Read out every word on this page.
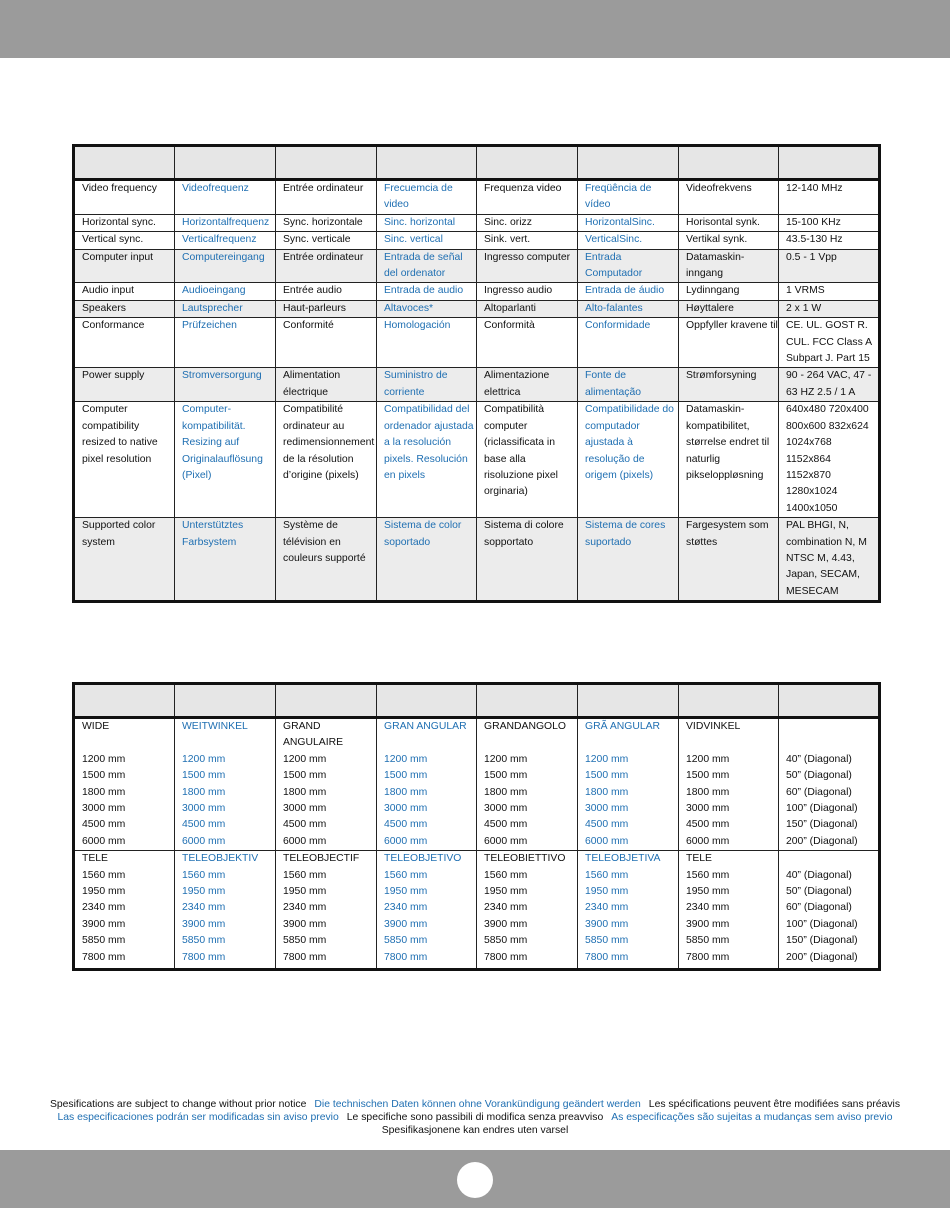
Video frequency	Videofrequenz	Entrée ordinateur	Frecuemcia de video	Frequenza video	Freqüência de vídeo	Videofrekvens	12-140 MHz
Horizontal sync.	Horizontalfrequenz	Sync. horizontale	Sinc. horizontal	Sinc. orizz	HorizontalSinc.	Horisontal synk.	15-100 KHz
Vertical sync.	Verticalfrequenz	Sync. verticale	Sinc. vertical	Sink. vert.	VerticalSinc.	Vertikal synk.	43.5-130 Hz
Computer input	Computereingang	Entrée ordinateur	Entrada de señal del ordenator	Ingresso computer	Entrada Computador	Datamaskin-inngang	0.5 - 1 Vpp
Audio input	Audioeingang	Entrée audio	Entrada de audio	Ingresso audio	Entrada de áudio	Lydinngang	1 VRMS
Speakers	Lautsprecher	Haut-parleurs	Altavoces*	Altoparlanti	Alto-falantes	Høyttalere	2 x 1 W
Conformance	Prüfzeichen	Conformité	Homologación	Conformità	Conformidade	Oppfyller kravene til	CE. UL. GOST R. CUL. FCC Class A Subpart J. Part 15
Power supply	Stromversorgung	Alimentation électrique	Suministro de corriente	Alimentazione elettrica	Fonte de alimentação	Strømforsyning	90 - 264 VAC, 47 - 63 HZ 2.5 / 1 A
Computer compatibility resized to native pixel resolution	Computer-kompatibilität. Resizing auf Originalauflösung (Pixel)	Compatibilité ordinateur au redimensionnement de la résolution d’origine (pixels)	Compatibilidad del ordenador ajustada a la resolución pixels. Resolución en pixels	Compatibilità computer (riclassificata in base alla risoluzione pixel orginaria)	Compatibilidade do computador ajustada à resolução de origem (pixels)	Datamaskin-kompatibilitet, størrelse endret til naturlig pikseloppløsning	640x480 720x400 800x600 832x624 1024x768 1152x864 1152x870 1280x1024 1400x1050
Supported color system	Unterstütztes Farbsystem	Système de télévision en couleurs supporté	Sistema de color soportado	Sistema di colore sopportato	Sistema de cores suportado	Fargesystem som støttes	PAL BHGI, N, combination N, M NTSC M, 4.43, Japan, SECAM, MESECAM

WIDE	WEITWINKEL	GRAND ANGULAIRE	GRAN ANGULAR	GRANDANGOLO	GRÃ ANGULAR	VIDVINKEL	
1200 mm	1200 mm	1200 mm	1200 mm	1200 mm	1200 mm	1200 mm	40” (Diagonal)
1500 mm	1500 mm	1500 mm	1500 mm	1500 mm	1500 mm	1500 mm	50” (Diagonal)
1800 mm	1800 mm	1800 mm	1800 mm	1800 mm	1800 mm	1800 mm	60” (Diagonal)
3000 mm	3000 mm	3000 mm	3000 mm	3000 mm	3000 mm	3000 mm	100” (Diagonal)
4500 mm	4500 mm	4500 mm	4500 mm	4500 mm	4500 mm	4500 mm	150” (Diagonal)
6000 mm	6000 mm	6000 mm	6000 mm	6000 mm	6000 mm	6000 mm	200” (Diagonal)
TELE	TELEOBJEKTIV	TELEOBJECTIF	TELEOBJETIVO	TELEOBIETTIVO	TELEOBJETIVA	TELE	
1560 mm	1560 mm	1560 mm	1560 mm	1560 mm	1560 mm	1560 mm	40” (Diagonal)
1950 mm	1950 mm	1950 mm	1950 mm	1950 mm	1950 mm	1950 mm	50” (Diagonal)
2340 mm	2340 mm	2340 mm	2340 mm	2340 mm	2340 mm	2340 mm	60” (Diagonal)
3900 mm	3900 mm	3900 mm	3900 mm	3900 mm	3900 mm	3900 mm	100” (Diagonal)
5850 mm	5850 mm	5850 mm	5850 mm	5850 mm	5850 mm	5850 mm	150” (Diagonal)
7800 mm	7800 mm	7800 mm	7800 mm	7800 mm	7800 mm	7800 mm	200” (Diagonal)

Spesifications are subject to change without prior notice Die technischen Daten können ohne Vorankündigung geändert werden Les spécifications peuvent être modifiées sans préavis
Las especificaciones podrán ser modificadas sin aviso previo Le specifiche sono passibili di modifica senza preavviso As especificações são sujeitas a mudanças sem aviso previo
Spesifikasjonene kan endres uten varsel
